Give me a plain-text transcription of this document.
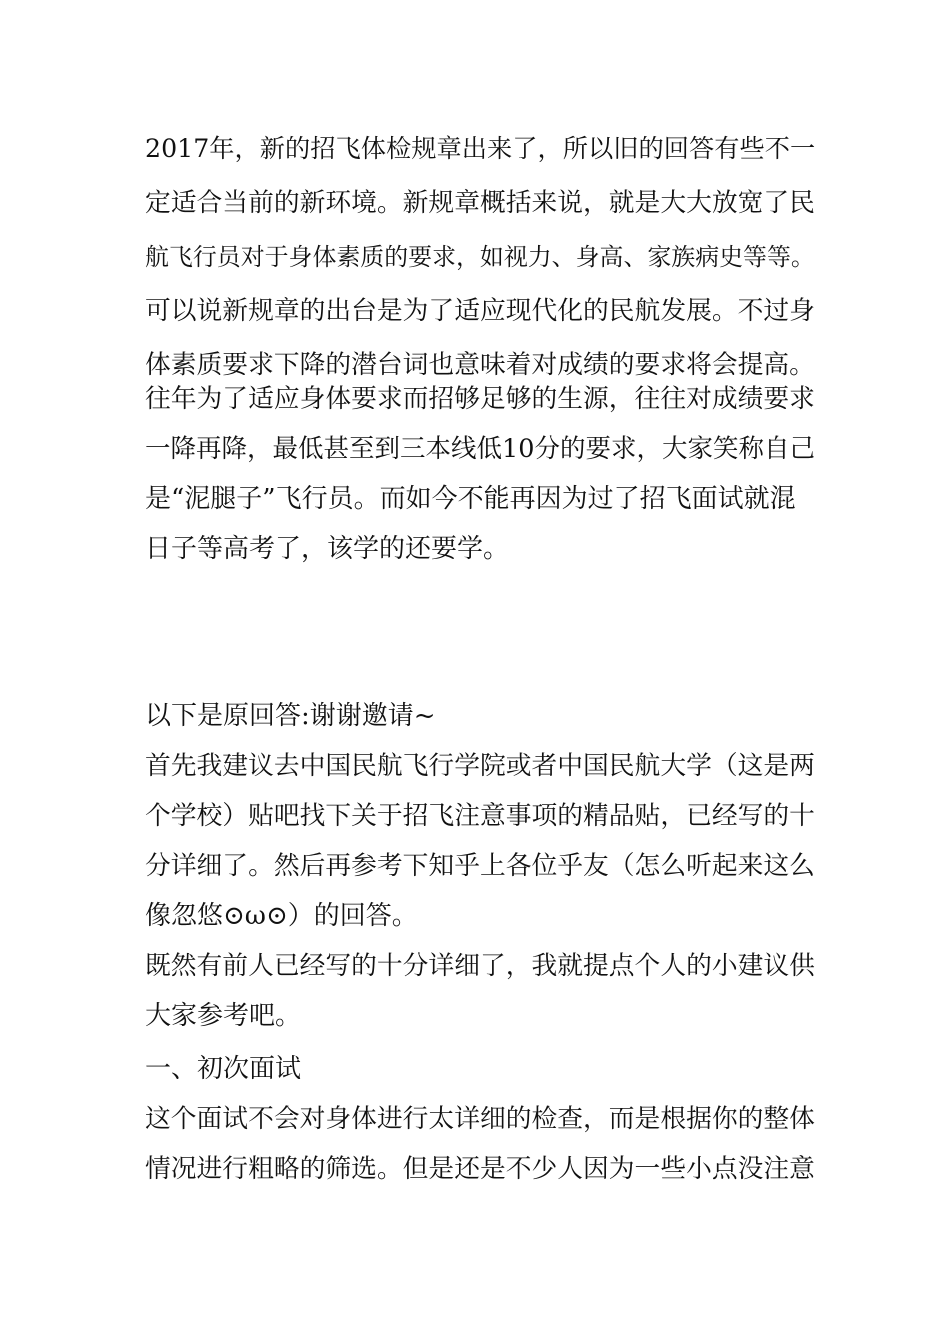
2017年，新的招飞体检规章出来了，所以旧的回答有些不一
定适合当前的新环境。新规章概括来说，就是大大放宽了民
航飞行员对于身体素质的要求，如视力、身高、家族病史等等。
可以说新规章的出台是为了适应现代化的民航发展。不过身
体素质要求下降的潜台词也意味着对成绩的要求将会提高。
往年为了适应身体要求而招够足够的生源，往往对成绩要求
一降再降，最低甚至到三本线低10分的要求，大家笑称自己
是“泥腿子”飞行员。而如今不能再因为过了招飞面试就混
日子等高考了，该学的还要学。
以下是原回答:谢谢邀请~
首先我建议去中国民航飞行学院或者中国民航大学（这是两
个学校）贴吧找下关于招飞注意事项的精品贴，已经写的十
分详细了。然后再参考下知乎上各位乎友（怎么听起来这么
像忽悠⊙ω⊙）的回答。
既然有前人已经写的十分详细了，我就提点个人的小建议供
大家参考吧。
一、初次面试
这个面试不会对身体进行太详细的检查，而是根据你的整体
情况进行粗略的筛选。但是还是不少人因为一些小点没注意
